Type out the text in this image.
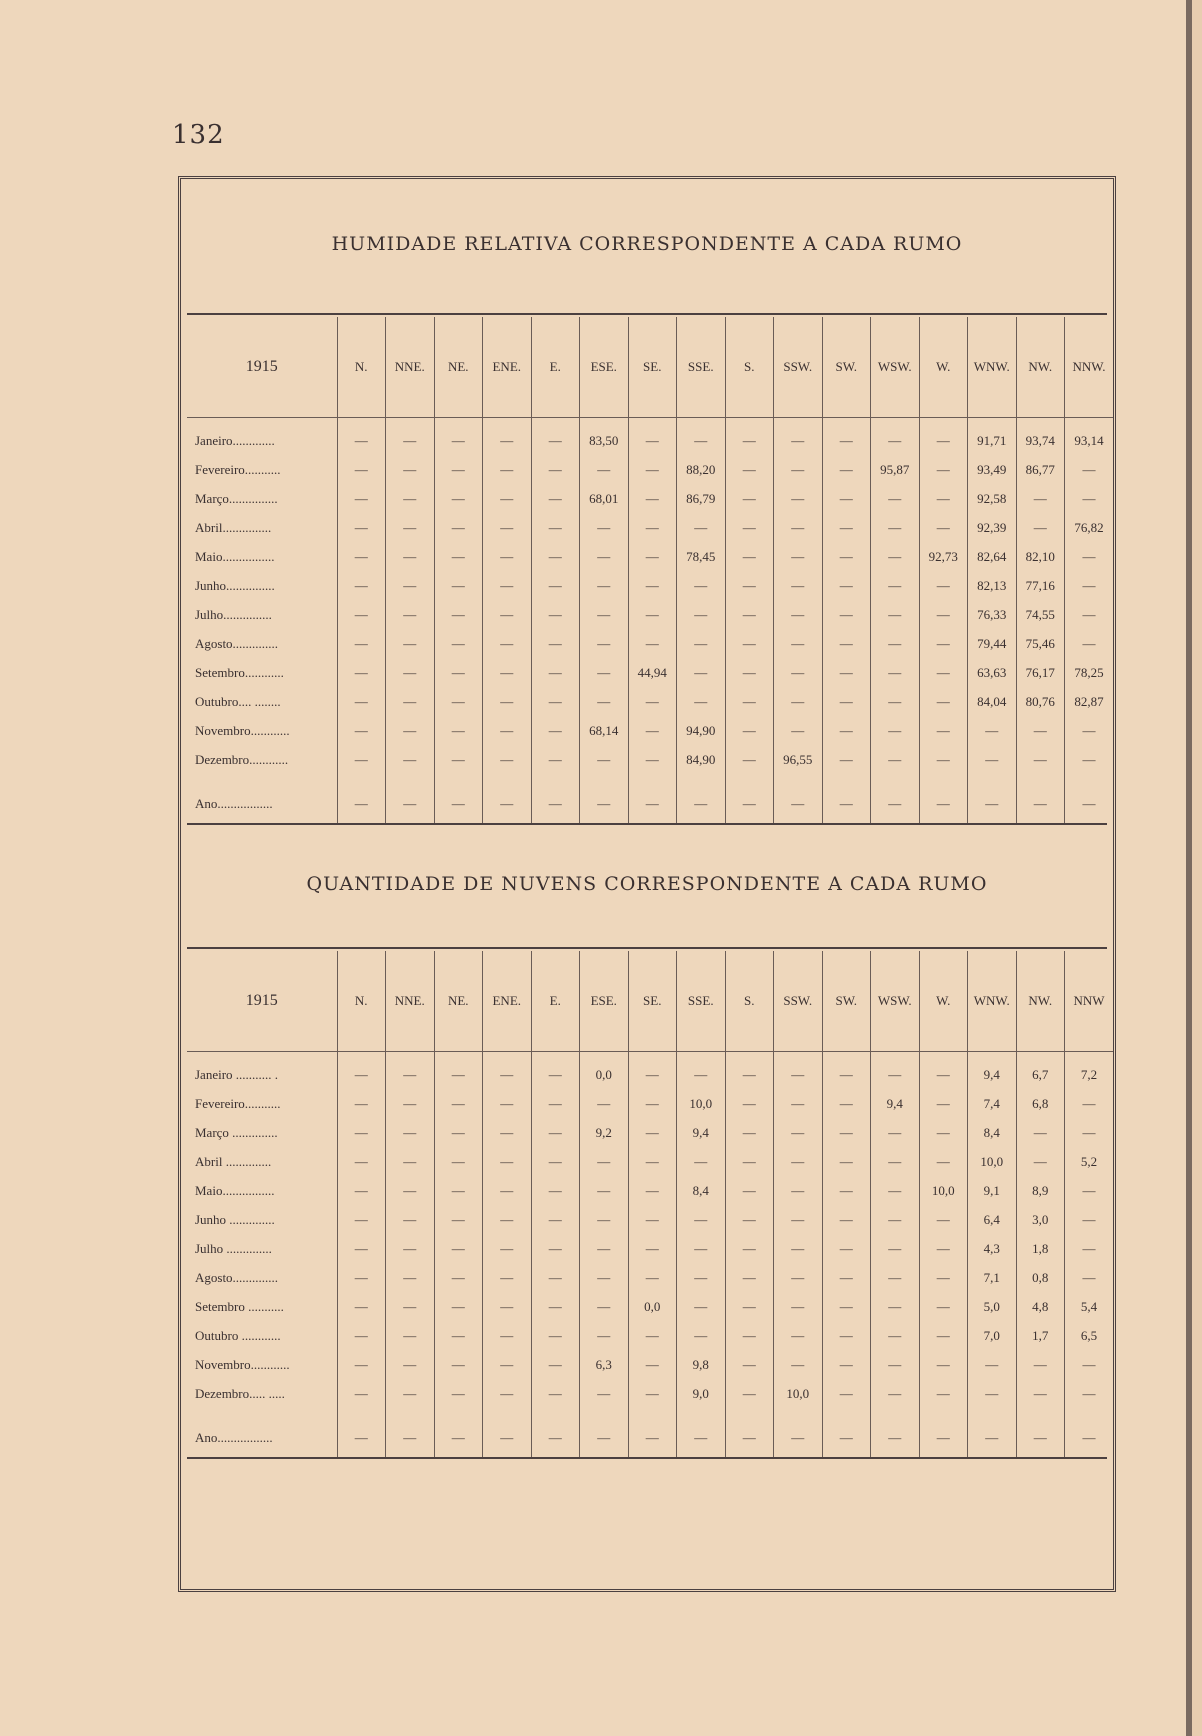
132
HUMIDADE RELATIVA CORRESPONDENTE A CADA RUMO
1915	N.	NNE.	NE.	ENE.	E.	ESE.	SE.	SSE.	S.	SSW.	SW.	WSW.	W.	WNW.	NW.	NNW.
Janeiro.............	—	—	—	—	—	83,50	—	—	—	—	—	—	—	91,71	93,74	93,14
Fevereiro...........	—	—	—	—	—	—	—	88,20	—	—	—	95,87	—	93,49	86,77	—
Março...............	—	—	—	—	—	68,01	—	86,79	—	—	—	—	—	92,58	—	—
Abril...............	—	—	—	—	—	—	—	—	—	—	—	—	—	92,39	—	76,82
Maio................	—	—	—	—	—	—	—	78,45	—	—	—	—	92,73	82,64	82,10	—
Junho...............	—	—	—	—	—	—	—	—	—	—	—	—	—	82,13	77,16	—
Julho...............	—	—	—	—	—	—	—	—	—	—	—	—	—	76,33	74,55	—
Agosto..............	—	—	—	—	—	—	—	—	—	—	—	—	—	79,44	75,46	—
Setembro............	—	—	—	—	—	—	44,94	—	—	—	—	—	—	63,63	76,17	78,25
Outubro.... ........	—	—	—	—	—	—	—	—	—	—	—	—	—	84,04	80,76	82,87
Novembro............	—	—	—	—	—	68,14	—	94,90	—	—	—	—	—	—	—	—
Dezembro............	—	—	—	—	—	—	—	84,90	—	96,55	—	—	—	—	—	—
Ano.................	—	—	—	—	—	—	—	—	—	—	—	—	—	—	—	—
QUANTIDADE DE NUVENS CORRESPONDENTE A CADA RUMO
1915	N.	NNE.	NE.	ENE.	E.	ESE.	SE.	SSE.	S.	SSW.	SW.	WSW.	W.	WNW.	NW.	NNW
Janeiro ........... .	—	—	—	—	—	0,0	—	—	—	—	—	—	—	9,4	6,7	7,2
Fevereiro...........	—	—	—	—	—	—	—	10,0	—	—	—	9,4	—	7,4	6,8	—
Março ..............	—	—	—	—	—	9,2	—	9,4	—	—	—	—	—	8,4	—	—
Abril ..............	—	—	—	—	—	—	—	—	—	—	—	—	—	10,0	—	5,2
Maio................	—	—	—	—	—	—	—	8,4	—	—	—	—	10,0	9,1	8,9	—
Junho ..............	—	—	—	—	—	—	—	—	—	—	—	—	—	6,4	3,0	—
Julho ..............	—	—	—	—	—	—	—	—	—	—	—	—	—	4,3	1,8	—
Agosto..............	—	—	—	—	—	—	—	—	—	—	—	—	—	7,1	0,8	—
Setembro ...........	—	—	—	—	—	—	0,0	—	—	—	—	—	—	5,0	4,8	5,4
Outubro ............	—	—	—	—	—	—	—	—	—	—	—	—	—	7,0	1,7	6,5
Novembro............	—	—	—	—	—	6,3	—	9,8	—	—	—	—	—	—	—	—
Dezembro..... .....	—	—	—	—	—	—	—	9,0	—	10,0	—	—	—	—	—	—
Ano.................	—	—	—	—	—	—	—	—	—	—	—	—	—	—	—	—
